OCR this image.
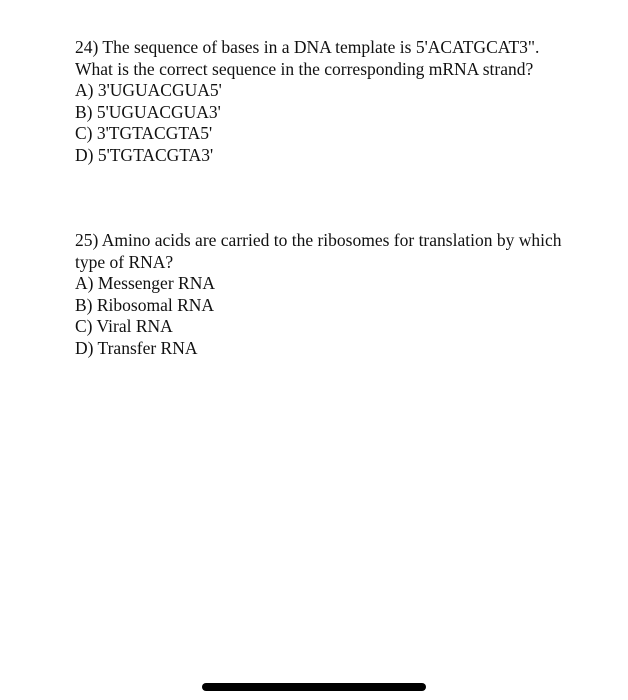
24) The sequence of bases in a DNA template is 5'ACATGCAT3". What is the correct sequence in the corresponding mRNA strand?

A) 3'UGUACGUA5'
B) 5'UGUACGUA3'
C) 3'TGTACGTA5'
D) 5'TGTACGTA3'

25) Amino acids are carried to the ribosomes for translation by which type of RNA?

A) Messenger RNA
B) Ribosomal RNA
C) Viral RNA
D) Transfer RNA
